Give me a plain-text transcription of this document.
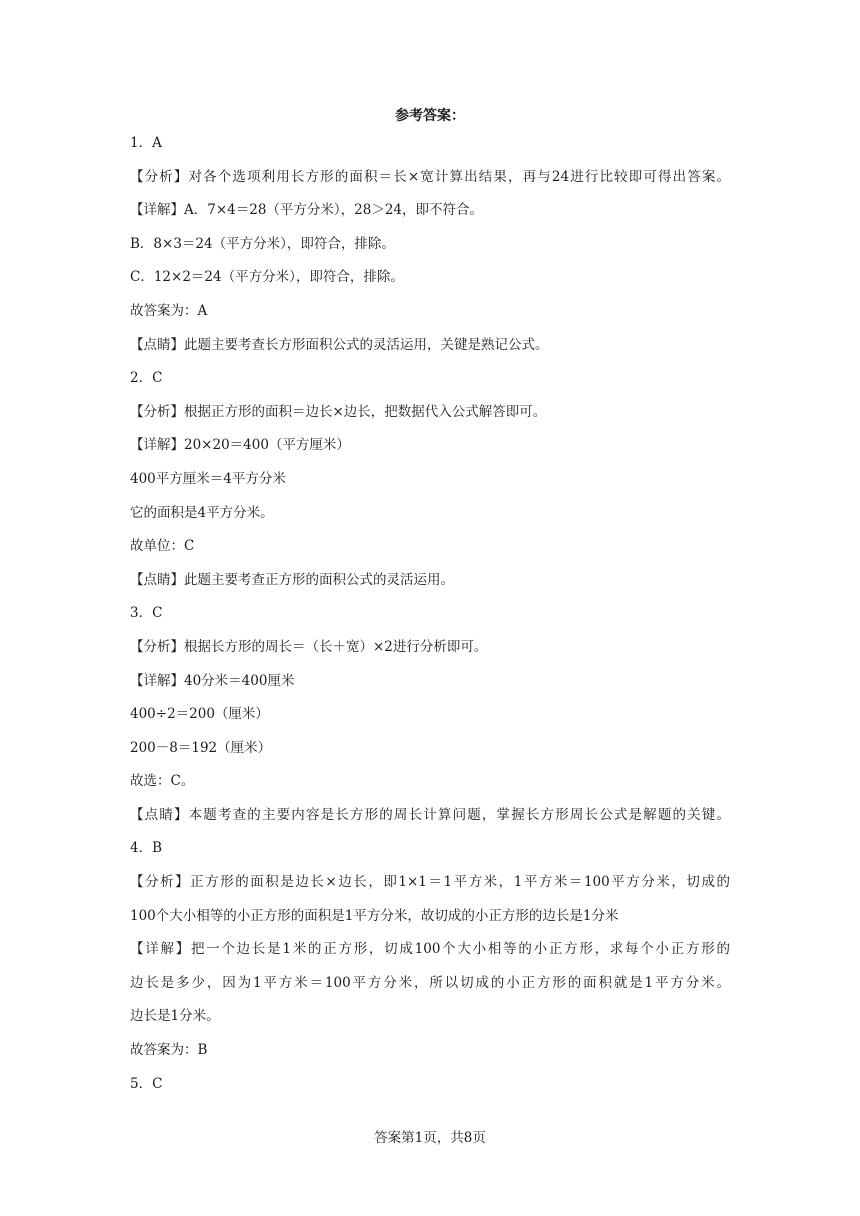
参考答案：
1．A
【分析】对各个选项利用长方形的面积＝长×宽计算出结果，再与24进行比较即可得出答案。
【详解】A．7×4＝28（平方分米），28＞24，即不符合。
B．8×3＝24（平方分米），即符合，排除。
C．12×2＝24（平方分米），即符合，排除。
故答案为：A
【点睛】此题主要考查长方形面积公式的灵活运用，关键是熟记公式。
2．C
【分析】根据正方形的面积＝边长×边长，把数据代入公式解答即可。
【详解】20×20＝400（平方厘米）
400平方厘米＝4平方分米
它的面积是4平方分米。
故单位：C
【点睛】此题主要考查正方形的面积公式的灵活运用。
3．C
【分析】根据长方形的周长＝（长＋宽）×2进行分析即可。
【详解】40分米＝400厘米
400÷2＝200（厘米）
200－8＝192（厘米）
故选：C。
【点睛】本题考查的主要内容是长方形的周长计算问题，掌握长方形周长公式是解题的关键。
4．B
【分析】正方形的面积是边长×边长，即1×1＝1平方米，1平方米＝100平方分米，切成的
100个大小相等的小正方形的面积是1平方分米，故切成的小正方形的边长是1分米
【详解】把一个边长是1米的正方形，切成100个大小相等的小正方形，求每个小正方形的
边长是多少，因为1平方米＝100平方分米，所以切成的小正方形的面积就是1平方分米。
边长是1分米。
故答案为：B
5．C
答案第1页，共8页
